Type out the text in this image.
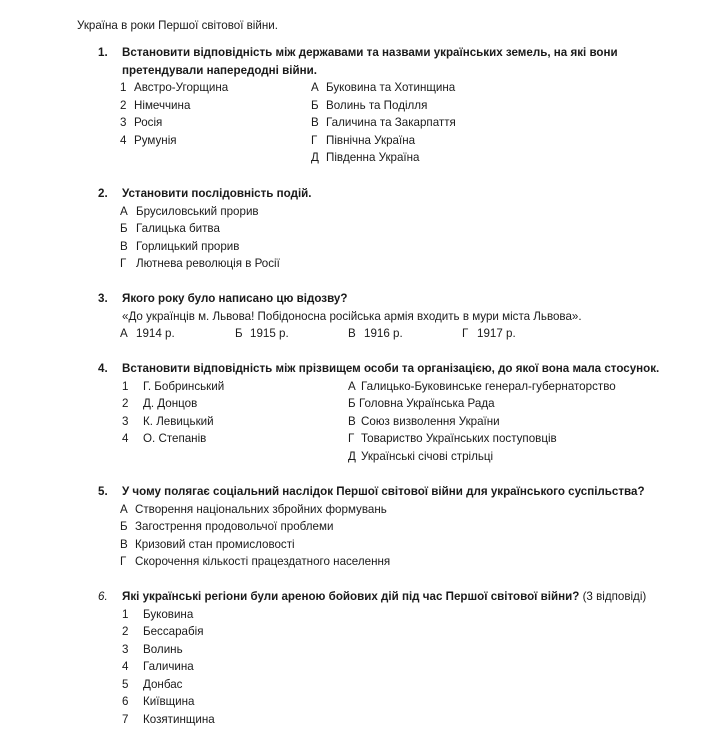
Україна в роки Першої світової війни.
1. Встановити відповідність між державами та назвами українських земель, на які вони претендували напередодні війни.
1 Австро-Угорщина	А Буковина та Хотинщина
2 Німеччина	Б Волинь та Поділля
3 Росія	В Галичина та Закарпаття
4 Румунія	Г Північна Україна
Д Південна Україна
2. Установити послідовність подій.
А Брусиловський прорив
Б Галицька битва
В Горлицький прорив
Г Лютнева революція в Росії
3. Якого року було написано цю відозву?
«До українців м. Львова! Побідоносна російська армія входить в мури міста Львова».
А 1914 р.	Б 1915 р.	В 1916 р.	Г 1917 р.
4. Встановити відповідність між прізвищем особи та організацією, до якої вона мала стосунок.
1 Г. Бобринський	А Галицько-Буковинське генерал-губернаторство
2 Д. Донцов	Б Головна Українська Рада
3 К. Левицький	В Союз визволення України
4 О. Степанів	Г Товариство Українських поступовців
Д Українські січові стрільці
5. У чому полягає соціальний наслідок Першої світової війни для українського суспільства?
А Створення національних збройних формувань
Б Загострення продовольчої проблеми
В Кризовий стан промисловості
Г Скорочення кількості працездатного населення
6. Які українські регіони були ареною бойових дій під час Першої світової війни? (3 відповіді)
1 Буковина
2 Бессарабія
3 Волинь
4 Галичина
5 Донбас
6 Київщина
7 Козятинщина
